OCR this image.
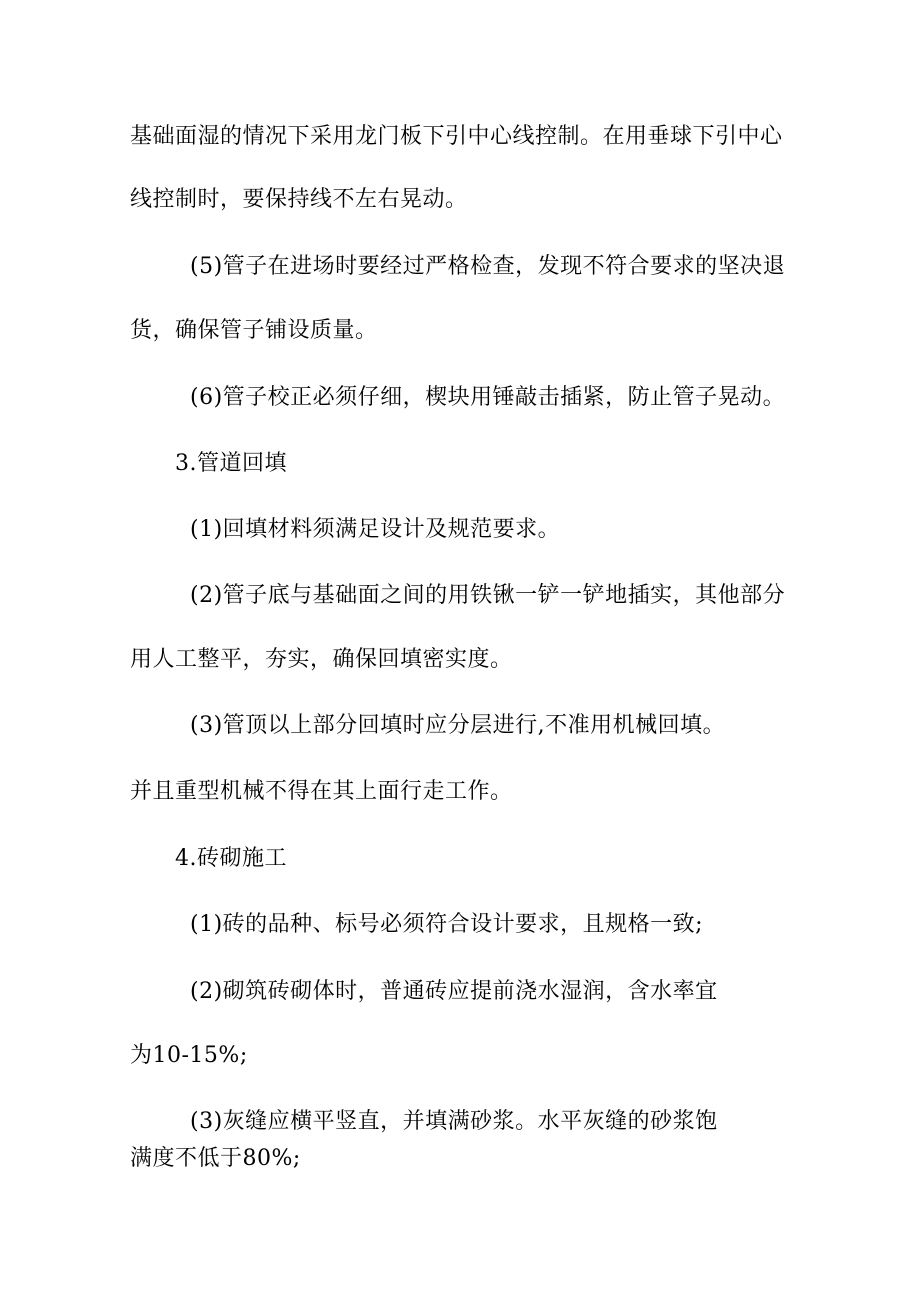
基础面湿的情况下采用龙门板下引中心线控制。在用垂球下引中心
线控制时，要保持线不左右晃动。
(5)管子在进场时要经过严格检查，发现不符合要求的坚决退
货，确保管子铺设质量。
(6)管子校正必须仔细，楔块用锤敲击插紧，防止管子晃动。
3.管道回填
(1)回填材料须满足设计及规范要求。
(2)管子底与基础面之间的用铁锹一铲一铲地插实，其他部分
用人工整平，夯实，确保回填密实度。
(3)管顶以上部分回填时应分层进行,不准用机械回填。
并且重型机械不得在其上面行走工作。
4.砖砌施工
(1)砖的品种、标号必须符合设计要求，且规格一致;
(2)砌筑砖砌体时，普通砖应提前浇水湿润，含水率宜
为10-15%;
(3)灰缝应横平竖直，并填满砂浆。水平灰缝的砂浆饱
满度不低于80%;
